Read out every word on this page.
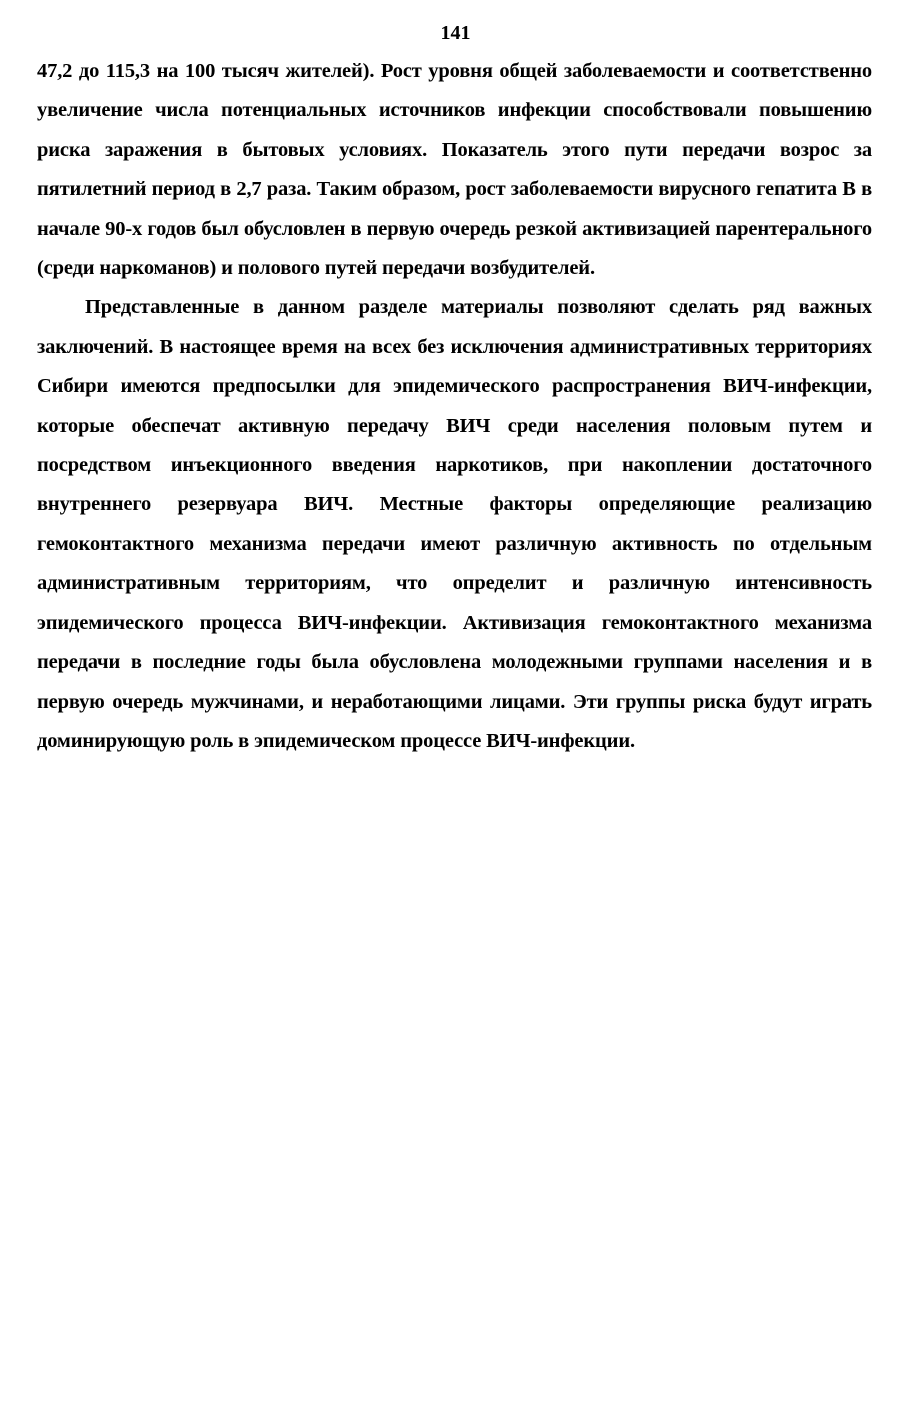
141

47,2 до 115,3 на 100 тысяч жителей). Рост уровня общей заболеваемости и соответственно увеличение числа потенциальных источников инфекции способствовали повышению риска заражения в бытовых условиях. Показатель этого пути передачи возрос за пятилетний период в 2,7 раза. Таким образом, рост заболеваемости вирусного гепатита В в начале 90-х годов был обусловлен в первую очередь резкой активизацией парентерального (среди наркоманов) и полового путей передачи возбудителей.

Представленные в данном разделе материалы позволяют сделать ряд важных заключений. В настоящее время на всех без исключения административных территориях Сибири имеются предпосылки для эпидемического распространения ВИЧ-инфекции, которые обеспечат активную передачу ВИЧ среди населения половым путем и посредством инъекционного введения наркотиков, при накоплении достаточного внутреннего резервуара ВИЧ. Местные факторы определяющие реализацию гемоконтактного механизма передачи имеют различную активность по отдельным административным территориям, что определит и различную интенсивность эпидемического процесса ВИЧ-инфекции. Активизация гемоконтактного механизма передачи в последние годы была обусловлена молодежными группами населения и в первую очередь мужчинами, и неработающими лицами. Эти группы риска будут играть доминирующую роль в эпидемическом процессе ВИЧ-инфекции.
